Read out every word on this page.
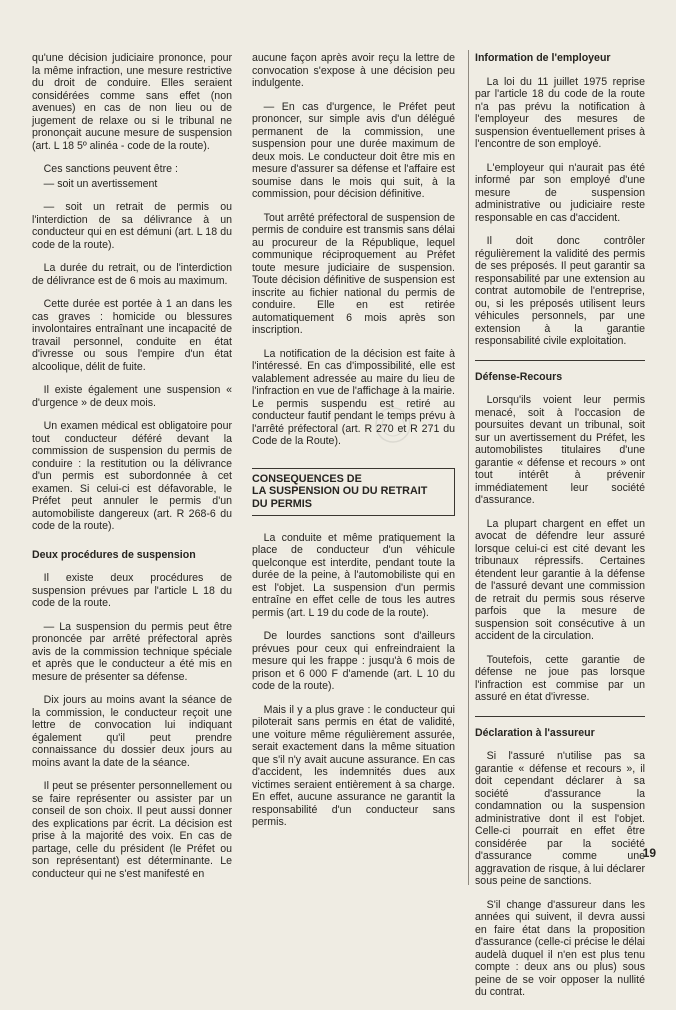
qu'une décision judiciaire prononce, pour la même infraction, une mesure restrictive du droit de conduire. Elles seraient considérées comme sans effet (non avenues) en cas de non lieu ou de jugement de relaxe ou si le tribunal ne prononçait aucune mesure de suspension (art. L 18 5º alinéa - code de la route).

Ces sanctions peuvent être :

— soit un avertissement

— soit un retrait de permis ou l'interdiction de sa délivrance à un conducteur qui en est démuni (art. L 18 du code de la route).

La durée du retrait, ou de l'interdiction de délivrance est de 6 mois au maximum.

Cette durée est portée à 1 an dans les cas graves : homicide ou blessures involontaires entraînant une incapacité de travail personnel, conduite en état d'ivresse ou sous l'empire d'un état alcoolique, délit de fuite.

Il existe également une suspension « d'urgence » de deux mois.

Un examen médical est obligatoire pour tout conducteur déféré devant la commission de suspension du permis de conduire : la restitution ou la délivrance d'un permis est subordonnée à cet examen. Si celui-ci est défavorable, le Préfet peut annuler le permis d'un automobiliste dangereux (art. R 268-6 du code de la route).

Deux procédures de suspension

Il existe deux procédures de suspension prévues par l'article L 18 du code de la route.

— La suspension du permis peut être prononcée par arrêté préfectoral après avis de la commission technique spéciale et après que le conducteur a été mis en mesure de présenter sa défense.

Dix jours au moins avant la séance de la commission, le conducteur reçoit une lettre de convocation lui indiquant également qu'il peut prendre connaissance du dossier deux jours au moins avant la date de la séance.

Il peut se présenter personnellement ou se faire représenter ou assister par un conseil de son choix. Il peut aussi donner des explications par écrit. La décision est prise à la majorité des voix. En cas de partage, celle du président (le Préfet ou son représentant) est déterminante. Le conducteur qui ne s'est manifesté en

aucune façon après avoir reçu la lettre de convocation s'expose à une décision peu indulgente.

— En cas d'urgence, le Préfet peut prononcer, sur simple avis d'un délégué permanent de la commission, une suspension pour une durée maximum de deux mois. Le conducteur doit être mis en mesure d'assurer sa défense et l'affaire est soumise dans le mois qui suit, à la commission, pour décision définitive.

Tout arrêté préfectoral de suspension de permis de conduire est transmis sans délai au procureur de la République, lequel communique réciproquement au Préfet toute mesure judiciaire de suspension. Toute décision définitive de suspension est inscrite au fichier national du permis de conduire. Elle en est retirée automatiquement 6 mois après son inscription.

La notification de la décision est faite à l'intéressé. En cas d'impossibilité, elle est valablement adressée au maire du lieu de l'infraction en vue de l'affichage à la mairie. Le permis suspendu est retiré au conducteur fautif pendant le temps prévu à l'arrêté préfectoral (art. R 270 et R 271 du Code de la Route).

CONSEQUENCES DE
LA SUSPENSION OU DU RETRAIT
DU PERMIS

La conduite et même pratiquement la place de conducteur d'un véhicule quelconque est interdite, pendant toute la durée de la peine, à l'automobiliste qui en est l'objet. La suspension d'un permis entraîne en effet celle de tous les autres permis (art. L 19 du code de la route).

De lourdes sanctions sont d'ailleurs prévues pour ceux qui enfreindraient la mesure qui les frappe : jusqu'à 6 mois de prison et 6 000 F d'amende (art. L 10 du code de la route).

Mais il y a plus grave : le conducteur qui piloterait sans permis en état de validité, une voiture même régulièrement assurée, serait exactement dans la même situation que s'il n'y avait aucune assurance. En cas d'accident, les indemnités dues aux victimes seraient entièrement à sa charge. En effet, aucune assurance ne garantit la responsabilité d'un conducteur sans permis.

Information de l'employeur

La loi du 11 juillet 1975 reprise par l'article 18 du code de la route n'a pas prévu la notification à l'employeur des mesures de suspension éventuellement prises à l'encontre de son employé.

L'employeur qui n'aurait pas été informé par son employé d'une mesure de suspension administrative ou judiciaire reste responsable en cas d'accident.

Il doit donc contrôler régulièrement la validité des permis de ses préposés. Il peut garantir sa responsabilité par une extension au contrat automobile de l'entreprise, ou, si les préposés utilisent leurs véhicules personnels, par une extension à la garantie responsabilité civile exploitation.

Défense-Recours

Lorsqu'ils voient leur permis menacé, soit à l'occasion de poursuites devant un tribunal, soit sur un avertissement du Préfet, les automobilistes titulaires d'une garantie « défense et recours » ont tout intérêt à prévenir immédiatement leur société d'assurance.

La plupart chargent en effet un avocat de défendre leur assuré lorsque celui-ci est cité devant les tribunaux répressifs. Certaines étendent leur garantie à la défense de l'assuré devant une commission de retrait du permis sous réserve parfois que la mesure de suspension soit consécutive à un accident de la circulation.

Toutefois, cette garantie de défense ne joue pas lorsque l'infraction est commise par un assuré en état d'ivresse.

Déclaration à l'assureur

Si l'assuré n'utilise pas sa garantie « défense et recours », il doit cependant déclarer à sa société d'assurance la condamnation ou la suspension administrative dont il est l'objet. Celle-ci pourrait en effet être considérée par la société d'assurance comme une aggravation de risque, à lui déclarer sous peine de sanctions.

S'il change d'assureur dans les années qui suivent, il devra aussi en faire état dans la proposition d'assurance (celle-ci précise le délai audelà duquel il n'en est plus tenu compte : deux ans ou plus) sous peine de se voir opposer la nullité du contrat.

19
